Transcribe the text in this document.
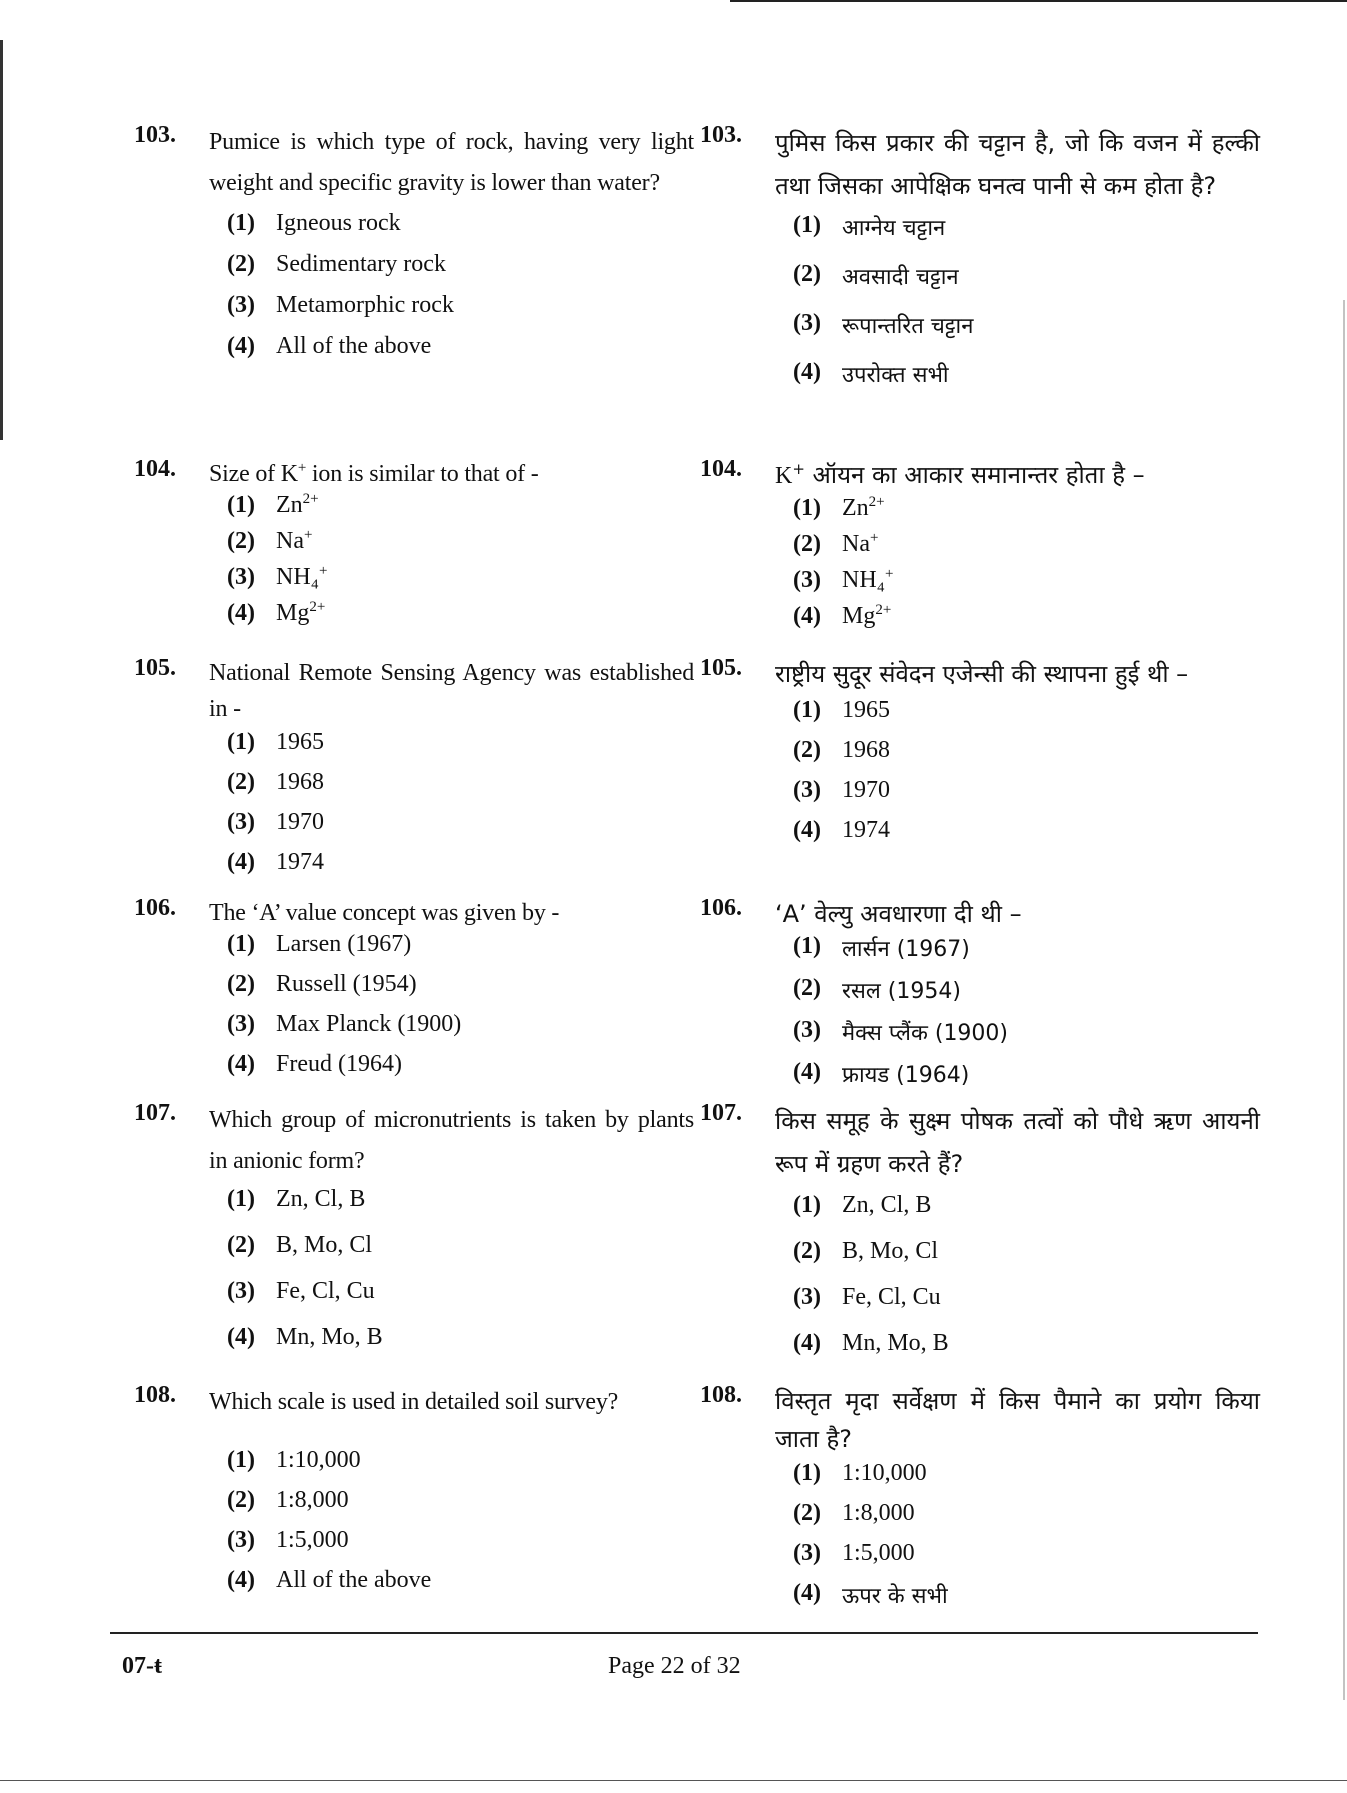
103. Pumice is which type of rock, having very light weight and specific gravity is lower than water?
(1) Igneous rock
(2) Sedimentary rock
(3) Metamorphic rock
(4) All of the above
104. Size of K+ ion is similar to that of -
(1) $Zn^{2+}$
(2) Na+
(3) NH₄+
(4) $Mg^{2+}$
105. National Remote Sensing Agency was established in -
(1) 1965
(2) 1968
(3) 1970
(4) 1974
106. The ‘A’ value concept was given by -
(1) Larsen (1967)
(2) Russell (1954)
(3) Max Planck (1900)
(4) Freud (1964)
107. Which group of micronutrients is taken by plants in anionic form?
(1) Zn, Cl, B
(2) B, Mo, Cl
(3) Fe, Cl, Cu
(4) Mn, Mo, B
108. Which scale is used in detailed soil survey?
(1) 1:10,000
(2) 1:8,000
(3) 1:5,000
(4) All of the above
103. पुमिस किस प्रकार की चट्टान है, जो कि वजन में हल्की तथा जिसका आपेक्षिक घनत्व पानी से कम होता है?
(1) आग्नेय चट्टान
(2) अवसादी चट्टान
(3) रूपान्तरित चट्टान
(4) उपरोक्त सभी
104. K+ ऑयन का आकार समानान्तर होता है –
(1) $Zn^{2+}$
(2) Na+
(3) NH₄+
(4) $Mg^{2+}$
105. राष्ट्रीय सुदूर संवेदन एजेन्सी की स्थापना हुई थी –
(1) 1965
(2) 1968
(3) 1970
(4) 1974
106. ‘A’ वेल्यु अवधारणा दी थी –
(1) लार्सन (1967)
(2) रसल (1954)
(3) मैक्स प्लैंक (1900)
(4) फ्रायड (1964)
107. किस समूह के सुक्ष्म पोषक तत्वों को पौधे ऋण आयनी रूप में ग्रहण करते हैं?
(1) Zn, Cl, B
(2) B, Mo, Cl
(3) Fe, Cl, Cu
(4) Mn, Mo, B
108. विस्तृत मृदा सर्वेक्षण में किस पैमाने का प्रयोग किया जाता है?
(1) 1:10,000
(2) 1:8,000
(3) 1:5,000
(4) ऊपर के सभी
07-ŧ	Page 22 of 32
